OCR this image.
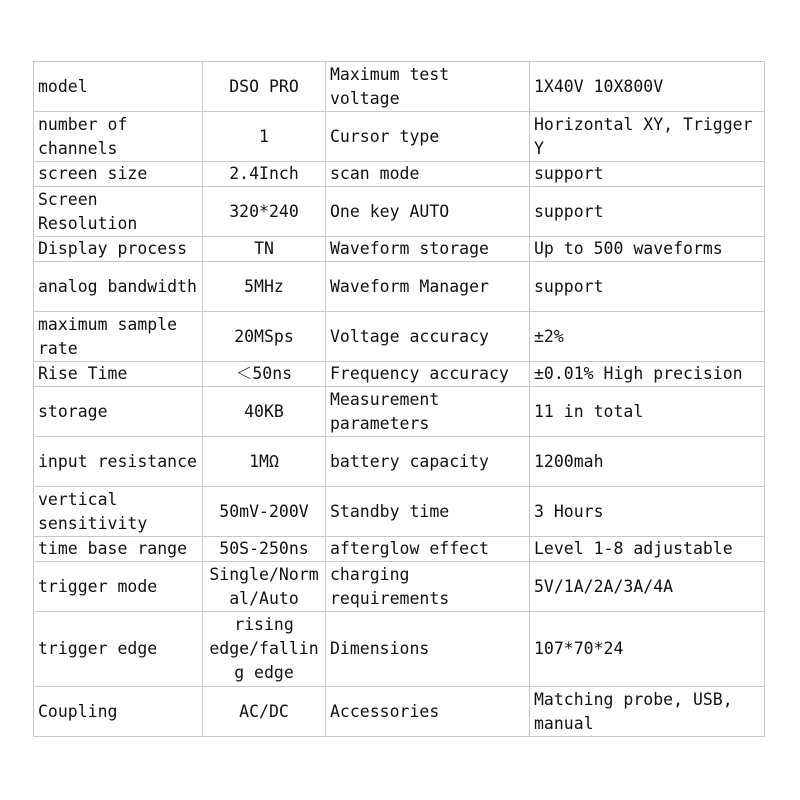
model	DSO PRO	Maximum test voltage	1X40V 10X800V
number of channels	1	Cursor type	Horizontal XY, Trigger Y
screen size	2.4Inch	scan mode	support
Screen Resolution	320*240	One key AUTO	support
Display process	TN	Waveform storage	Up to 500 waveforms
analog bandwidth	5MHz	Waveform Manager	support
maximum sample rate	20MSps	Voltage accuracy	±2%
Rise Time	＜50ns	Frequency accuracy	±0.01% High precision
storage	40KB	Measurement parameters	11 in total
input resistance	1MΩ	battery capacity	1200mah
vertical sensitivity	50mV-200V	Standby time	3 Hours
time base range	50S-250ns	afterglow effect	Level 1-8 adjustable
trigger mode	Single/Normal/Auto	charging requirements	5V/1A/2A/3A/4A
trigger edge	rising edge/falling edge	Dimensions	107*70*24
Coupling	AC/DC	Accessories	Matching probe, USB, manual
